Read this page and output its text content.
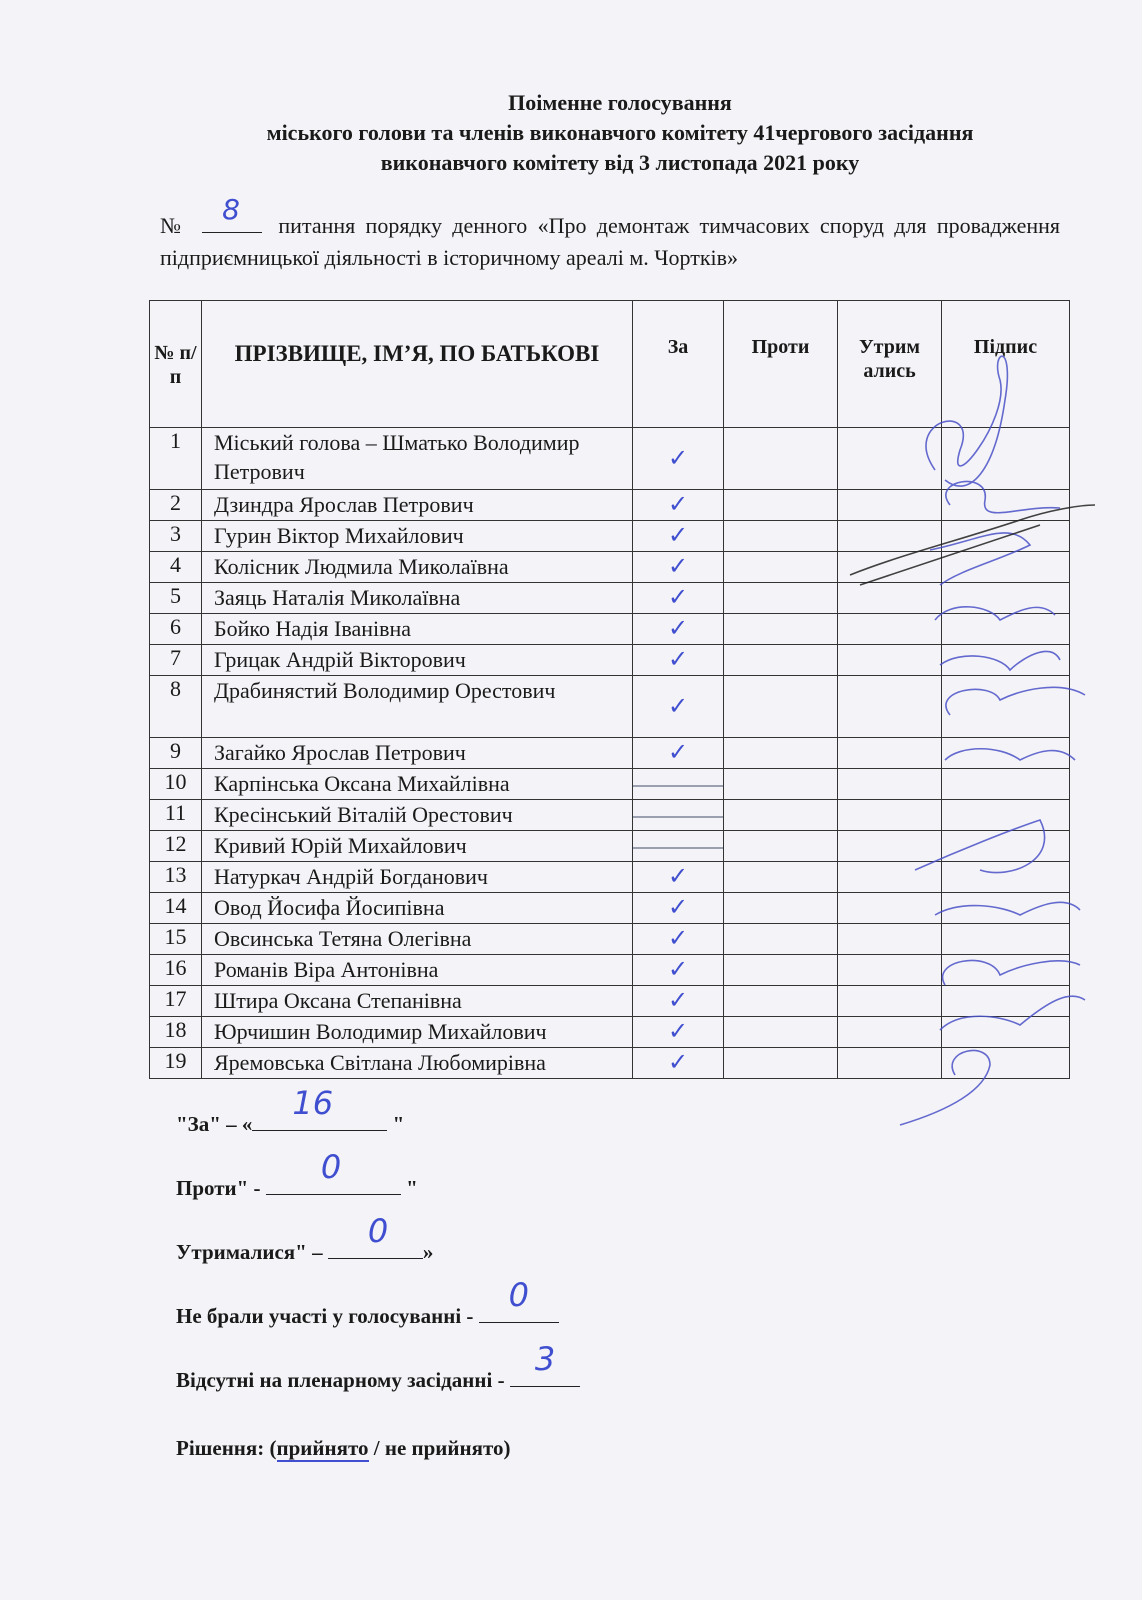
Поіменне голосування
міського голови та членів виконавчого комітету 41чергового засідання
виконавчого комітету від 3 листопада 2021 року
№ 8 питання порядку денного «Про демонтаж тимчасових споруд для провадження підприємницької діяльності в історичному ареалі м. Чортків»
№ п/п	ПРІЗВИЩЕ, ІМ’Я, ПО БАТЬКОВІ	За	Проти	Утрим ались	Підпис
1	Міський голова – Шматько Володимир Петрович	✓			
2	Дзиндра Ярослав Петрович	✓			
3	Гурин Віктор Михайлович	✓			
4	Колісник Людмила Миколаївна	✓			
5	Заяць Наталія Миколаївна	✓			
6	Бойко Надія Іванівна	✓			
7	Грицак Андрій Вікторович	✓			
8	Драбинястий Володимир Орестович	✓			
9	Загайко Ярослав Петрович	✓			
10	Карпінська Оксана Михайлівна				
11	Кресінський Віталій Орестович				
12	Кривий Юрій Михайлович				
13	Натуркач Андрій Богданович	✓			
14	Овод Йосифа Йосипівна	✓			
15	Овсинська Тетяна Олегівна	✓			
16	Романів Віра Антонівна	✓			
17	Штира Оксана Степанівна	✓			
18	Юрчишин Володимир Михайлович	✓			
19	Яремовська Світлана Любомирівна	✓			
"За" – «
16
"
Проти" -
0
"
Утрималися" –
0
»
Не брали участі у голосуванні -
0
Відсутні на пленарному засіданні -
3
Рішення: (прийнято / не прийнято)
